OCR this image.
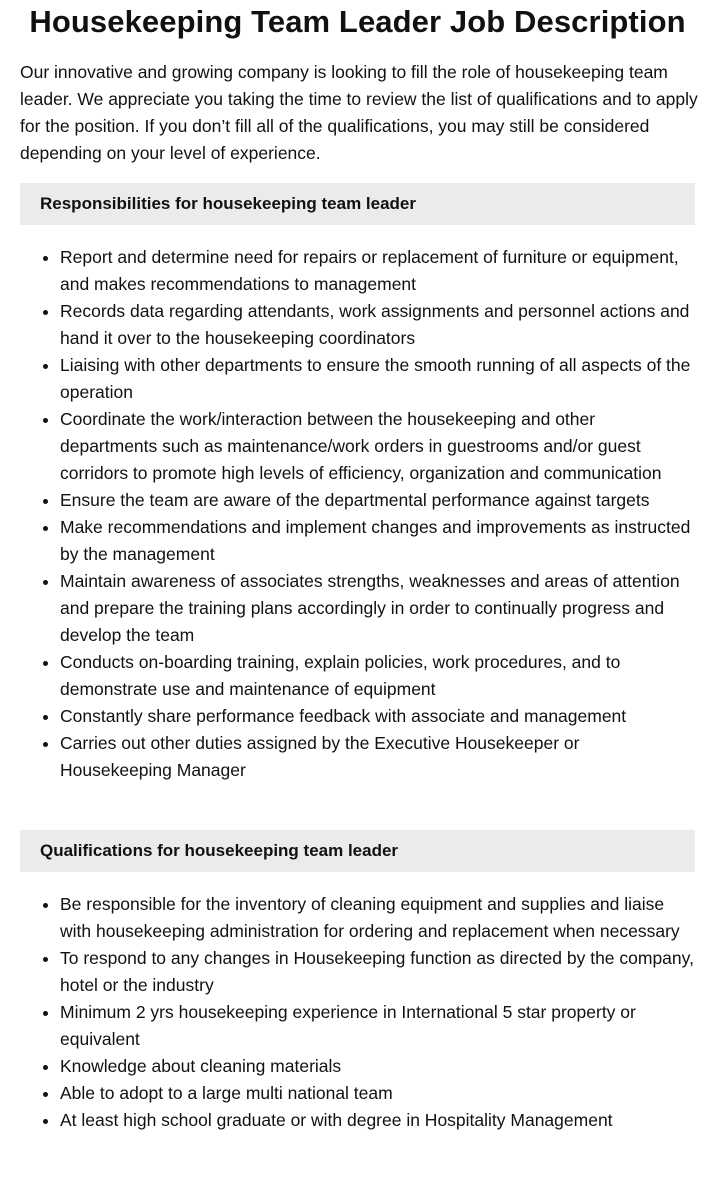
Housekeeping Team Leader Job Description

Our innovative and growing company is looking to fill the role of housekeeping team leader. We appreciate you taking the time to review the list of qualifications and to apply for the position. If you don’t fill all of the qualifications, you may still be considered depending on your level of experience.

Responsibilities for housekeeping team leader
• Report and determine need for repairs or replacement of furniture or equipment, and makes recommendations to management
• Records data regarding attendants, work assignments and personnel actions and hand it over to the housekeeping coordinators
• Liaising with other departments to ensure the smooth running of all aspects of the operation
• Coordinate the work/interaction between the housekeeping and other departments such as maintenance/work orders in guestrooms and/or guest corridors to promote high levels of efficiency, organization and communication
• Ensure the team are aware of the departmental performance against targets
• Make recommendations and implement changes and improvements as instructed by the management
• Maintain awareness of associates strengths, weaknesses and areas of attention and prepare the training plans accordingly in order to continually progress and develop the team
• Conducts on-boarding training, explain policies, work procedures, and to demonstrate use and maintenance of equipment
• Constantly share performance feedback with associate and management
• Carries out other duties assigned by the Executive Housekeeper or Housekeeping Manager
Qualifications for housekeeping team leader
• Be responsible for the inventory of cleaning equipment and supplies and liaise with housekeeping administration for ordering and replacement when necessary
• To respond to any changes in Housekeeping function as directed by the company, hotel or the industry
• Minimum 2 yrs housekeeping experience in International 5 star property or equivalent
• Knowledge about cleaning materials
• Able to adopt to a large multi national team
• At least high school graduate or with degree in Hospitality Management
